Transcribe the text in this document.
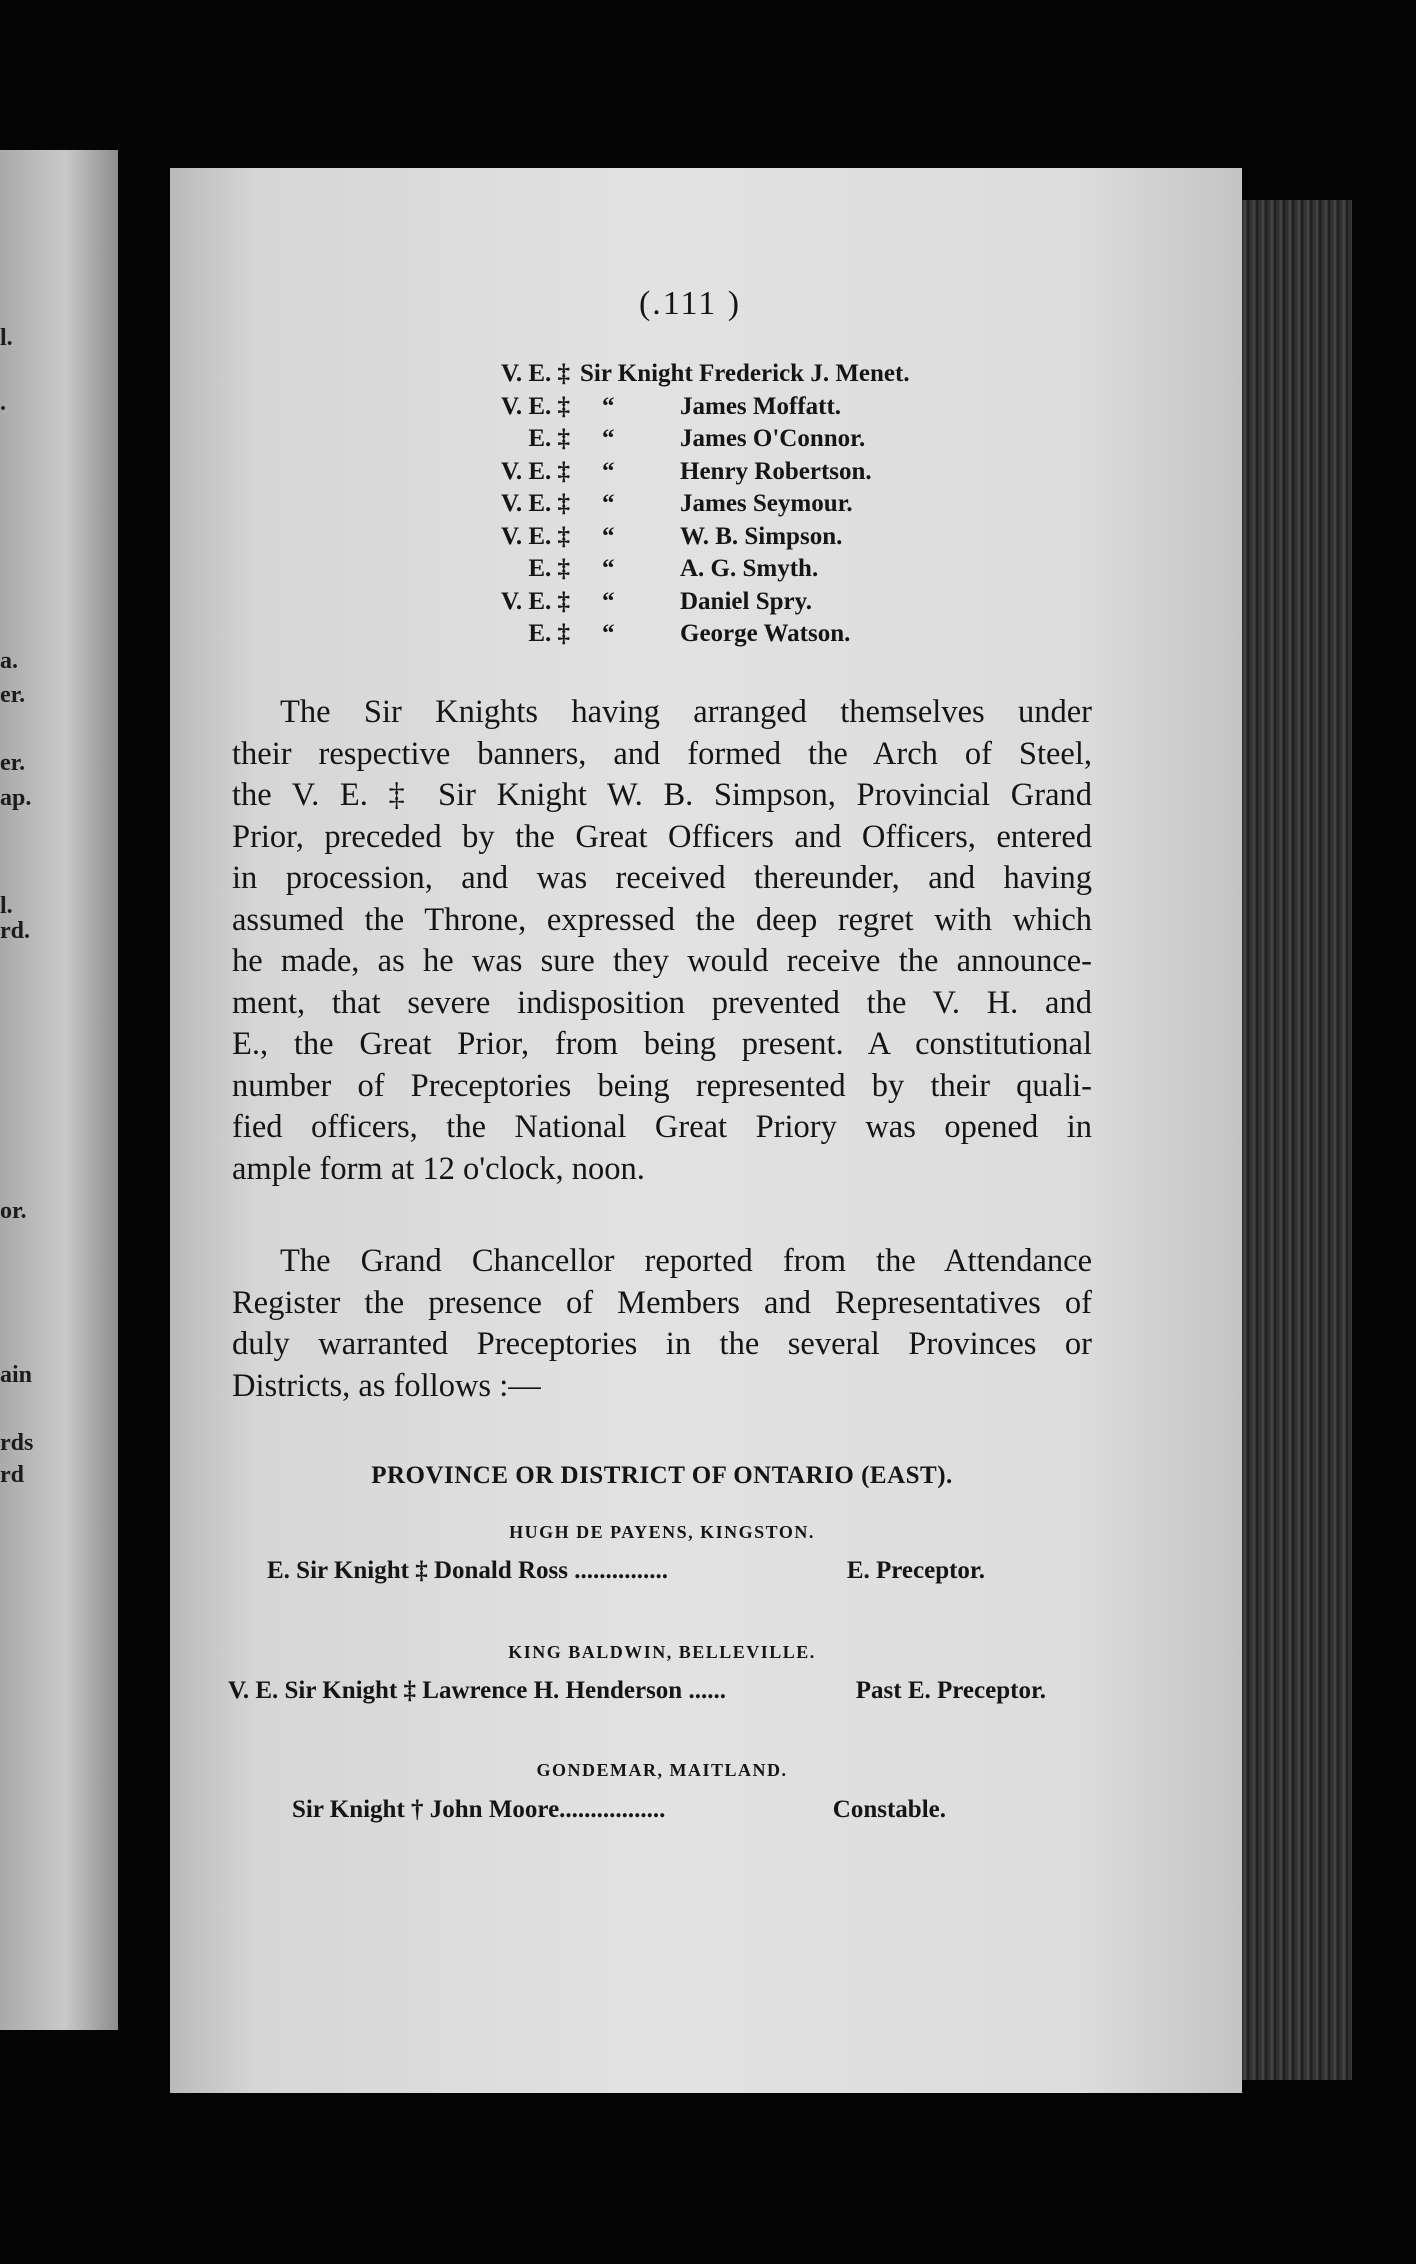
l.
.
a.
er.
er.
ap.
l.
rd.
or.
ain
rds
rd
(.111 )
V. E. ‡ Sir Knight Frederick J. Menet.
V. E. ‡ “	James Moffatt.
E. ‡ “	James O'Connor.
V. E. ‡ “	Henry Robertson.
V. E. ‡ “	James Seymour.
V. E. ‡ “	W. B. Simpson.
E. ‡ “	A. G. Smyth.
V. E. ‡ “	Daniel Spry.
E. ‡ “	George Watson.

The Sir Knights having arranged themselves under

their respective banners, and formed the Arch of Steel,

the V. E. ‡ Sir Knight W. B. Simpson, Provincial Grand

Prior, preceded by the Great Officers and Officers, entered

in procession, and was received thereunder, and having

assumed the Throne, expressed the deep regret with which

he made, as he was sure they would receive the announce-

ment, that severe indisposition prevented the V. H. and

E., the Great Prior, from being present. A constitutional

number of Preceptories being represented by their quali-

fied officers, the National Great Priory was opened in

ample form at 12 o'clock, noon.

The Grand Chancellor reported from the Attendance

Register the presence of Members and Representatives of

duly warranted Preceptories in the several Provinces or

Districts, as follows :—

PROVINCE OR DISTRICT OF ONTARIO (EAST).
HUGH DE PAYENS, KINGSTON.
E. Sir Knight ‡ Donald Ross ...............	E. Preceptor.
KING BALDWIN, BELLEVILLE.
V. E. Sir Knight ‡ Lawrence H. Henderson ......	Past E. Preceptor.
GONDEMAR, MAITLAND.
Sir Knight † John Moore.................	Constable.
